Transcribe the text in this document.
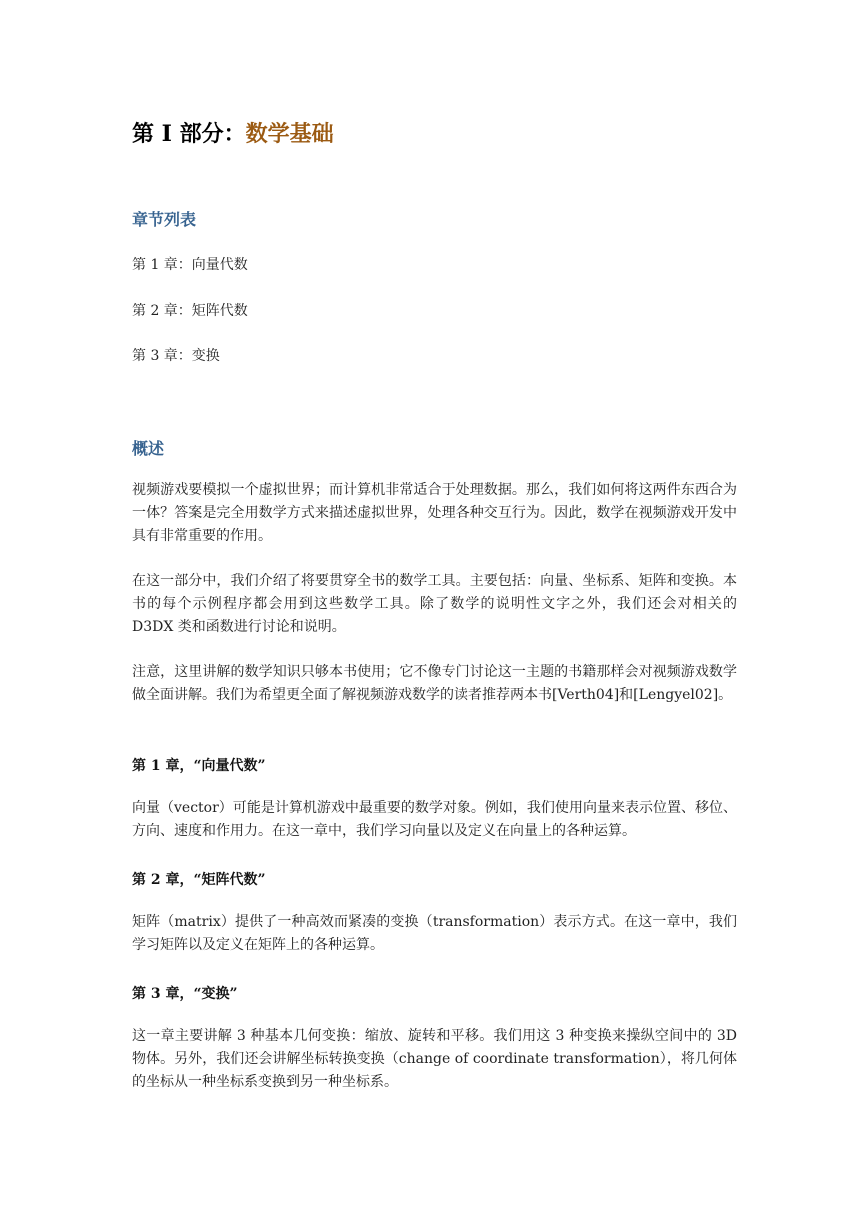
第 I 部分：数学基础
章节列表
第 1 章：向量代数
第 2 章：矩阵代数
第 3 章：变换
概述

视频游戏要模拟一个虚拟世界；而计算机非常适合于处理数据。那么，我们如何将这两件东西合为一体？答案是完全用数学方式来描述虚拟世界，处理各种交互行为。因此，数学在视频游戏开发中具有非常重要的作用。

在这一部分中，我们介绍了将要贯穿全书的数学工具。主要包括：向量、坐标系、矩阵和变换。本书的每个示例程序都会用到这些数学工具。除了数学的说明性文字之外，我们还会对相关的 D3DX 类和函数进行讨论和说明。

注意，这里讲解的数学知识只够本书使用；它不像专门讨论这一主题的书籍那样会对视频游戏数学做全面讲解。我们为希望更全面了解视频游戏数学的读者推荐两本书[Verth04]和[Lengyel02]。

第 1 章，“向量代数”

向量（vector）可能是计算机游戏中最重要的数学对象。例如，我们使用向量来表示位置、移位、方向、速度和作用力。在这一章中，我们学习向量以及定义在向量上的各种运算。

第 2 章，“矩阵代数”

矩阵（matrix）提供了一种高效而紧凑的变换（transformation）表示方式。在这一章中，我们学习矩阵以及定义在矩阵上的各种运算。

第 3 章，“变换”

这一章主要讲解 3 种基本几何变换：缩放、旋转和平移。我们用这 3 种变换来操纵空间中的 3D 物体。另外，我们还会讲解坐标转换变换（change of coordinate transformation），将几何体的坐标从一种坐标系变换到另一种坐标系。
